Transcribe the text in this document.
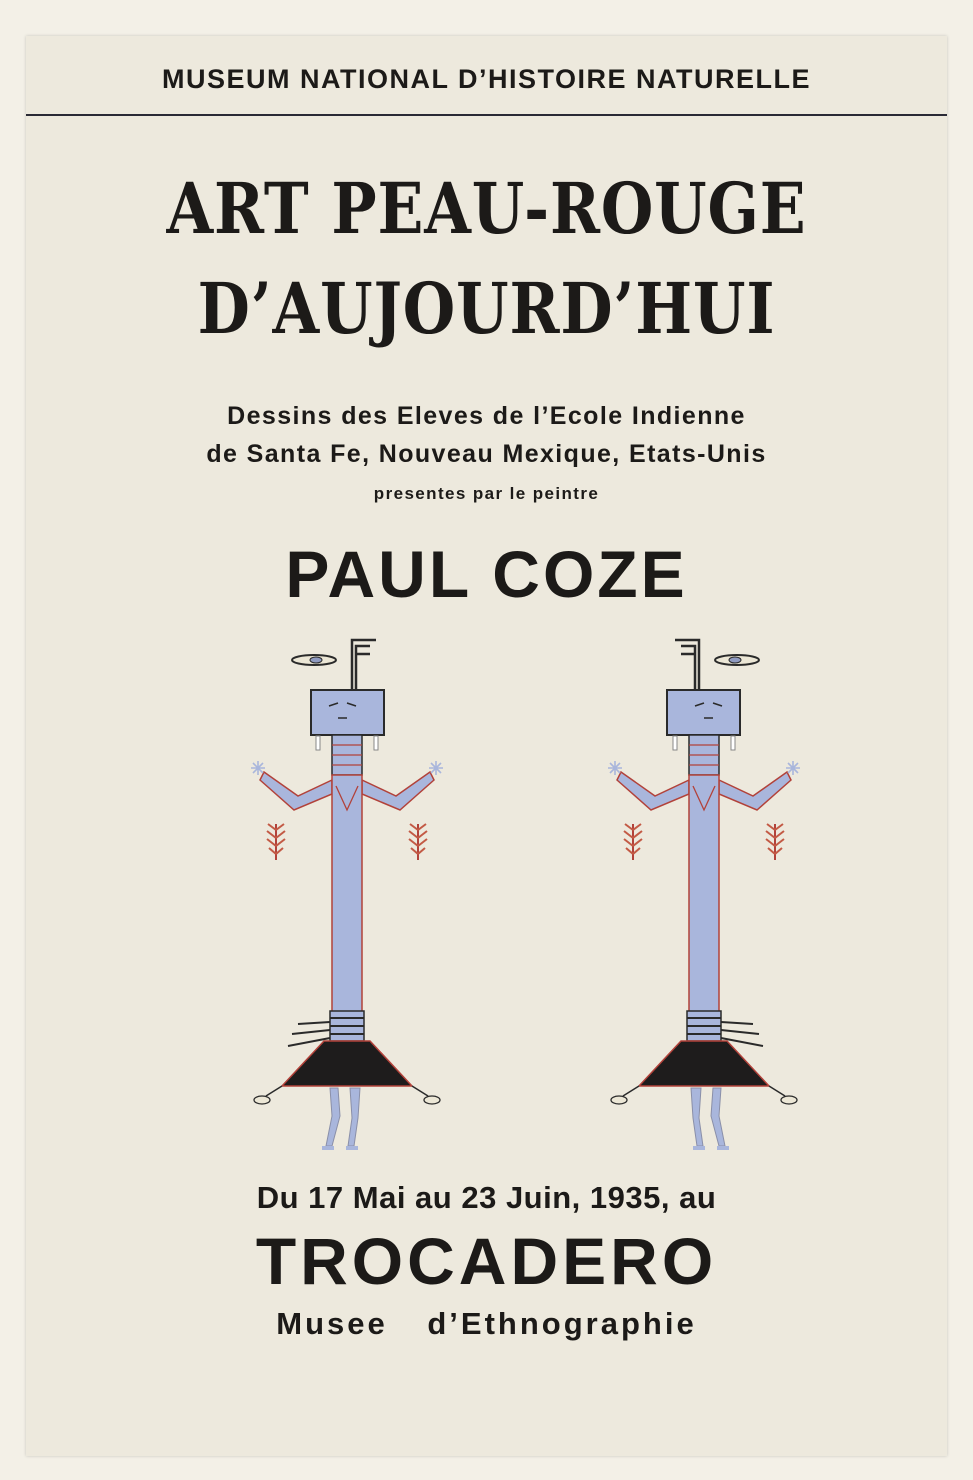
MUSEUM NATIONAL D’HISTOIRE NATURELLE
ART PEAU-ROUGE
D’AUJOURD’HUI
Dessins des Eleves de l’Ecole Indienne
de Santa Fe, Nouveau Mexique, Etats-Unis
presentes par le peintre
PAUL COZE
Du 17 Mai au 23 Juin, 1935, au
TROCADERO
Musee d’Ethnographie
